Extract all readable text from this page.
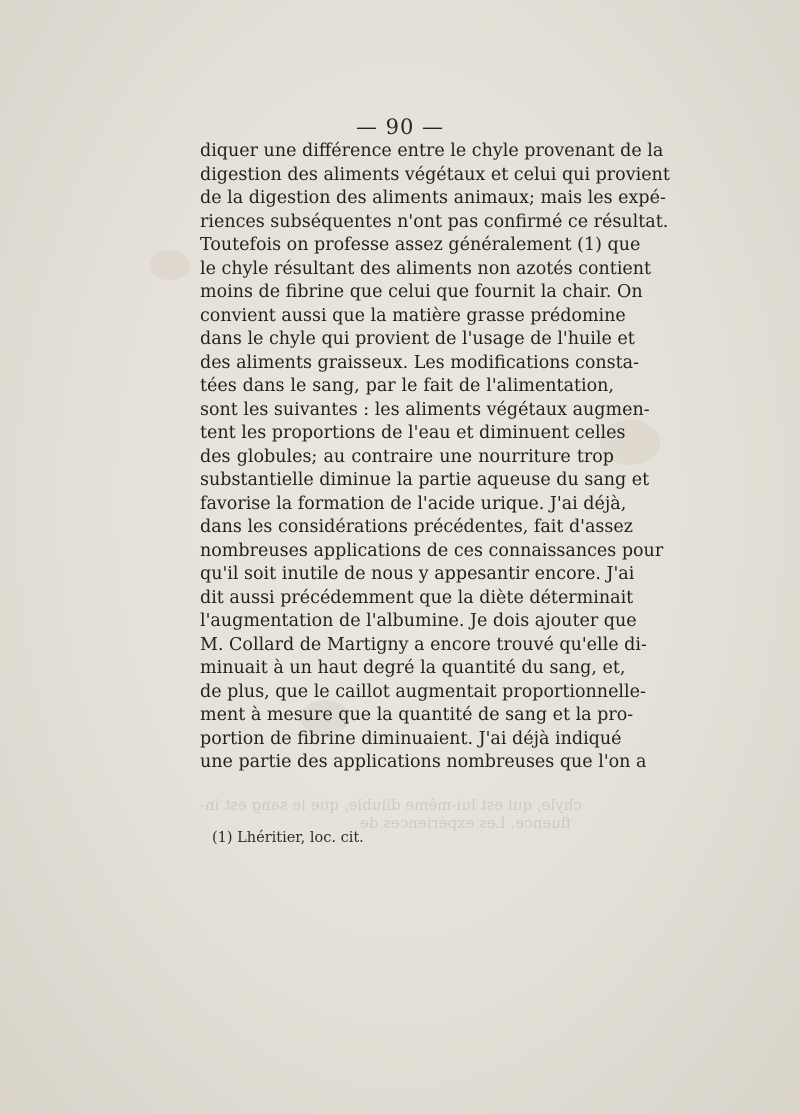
chyle, qui est lui-même diluble, que le sang est in-
fluence. Les expériences de
— 90 —
diquer une différence entre le chyle provenant de la
digestion des aliments végétaux et celui qui provient
de la digestion des aliments animaux; mais les expé-
riences subséquentes n'ont pas confirmé ce résultat.
Toutefois on professe assez généralement (1) que
le chyle résultant des aliments non azotés contient
moins de fibrine que celui que fournit la chair. On
convient aussi que la matière grasse prédomine
dans le chyle qui provient de l'usage de l'huile et
des aliments graisseux. Les modifications consta-
tées dans le sang, par le fait de l'alimentation,
sont les suivantes : les aliments végétaux augmen-
tent les proportions de l'eau et diminuent celles
des globules; au contraire une nourriture trop
substantielle diminue la partie aqueuse du sang et
favorise la formation de l'acide urique. J'ai déjà,
dans les considérations précédentes, fait d'assez
nombreuses applications de ces connaissances pour
qu'il soit inutile de nous y appesantir encore. J'ai
dit aussi précédemment que la diète déterminait
l'augmentation de l'albumine. Je dois ajouter que
M. Collard de Martigny a encore trouvé qu'elle di-
minuait à un haut degré la quantité du sang, et,
de plus, que le caillot augmentait proportionnelle-
ment à mesure que la quantité de sang et la pro-
portion de fibrine diminuaient. J'ai déjà indiqué
une partie des applications nombreuses que l'on a
(1) Lhéritier, loc. cit.
